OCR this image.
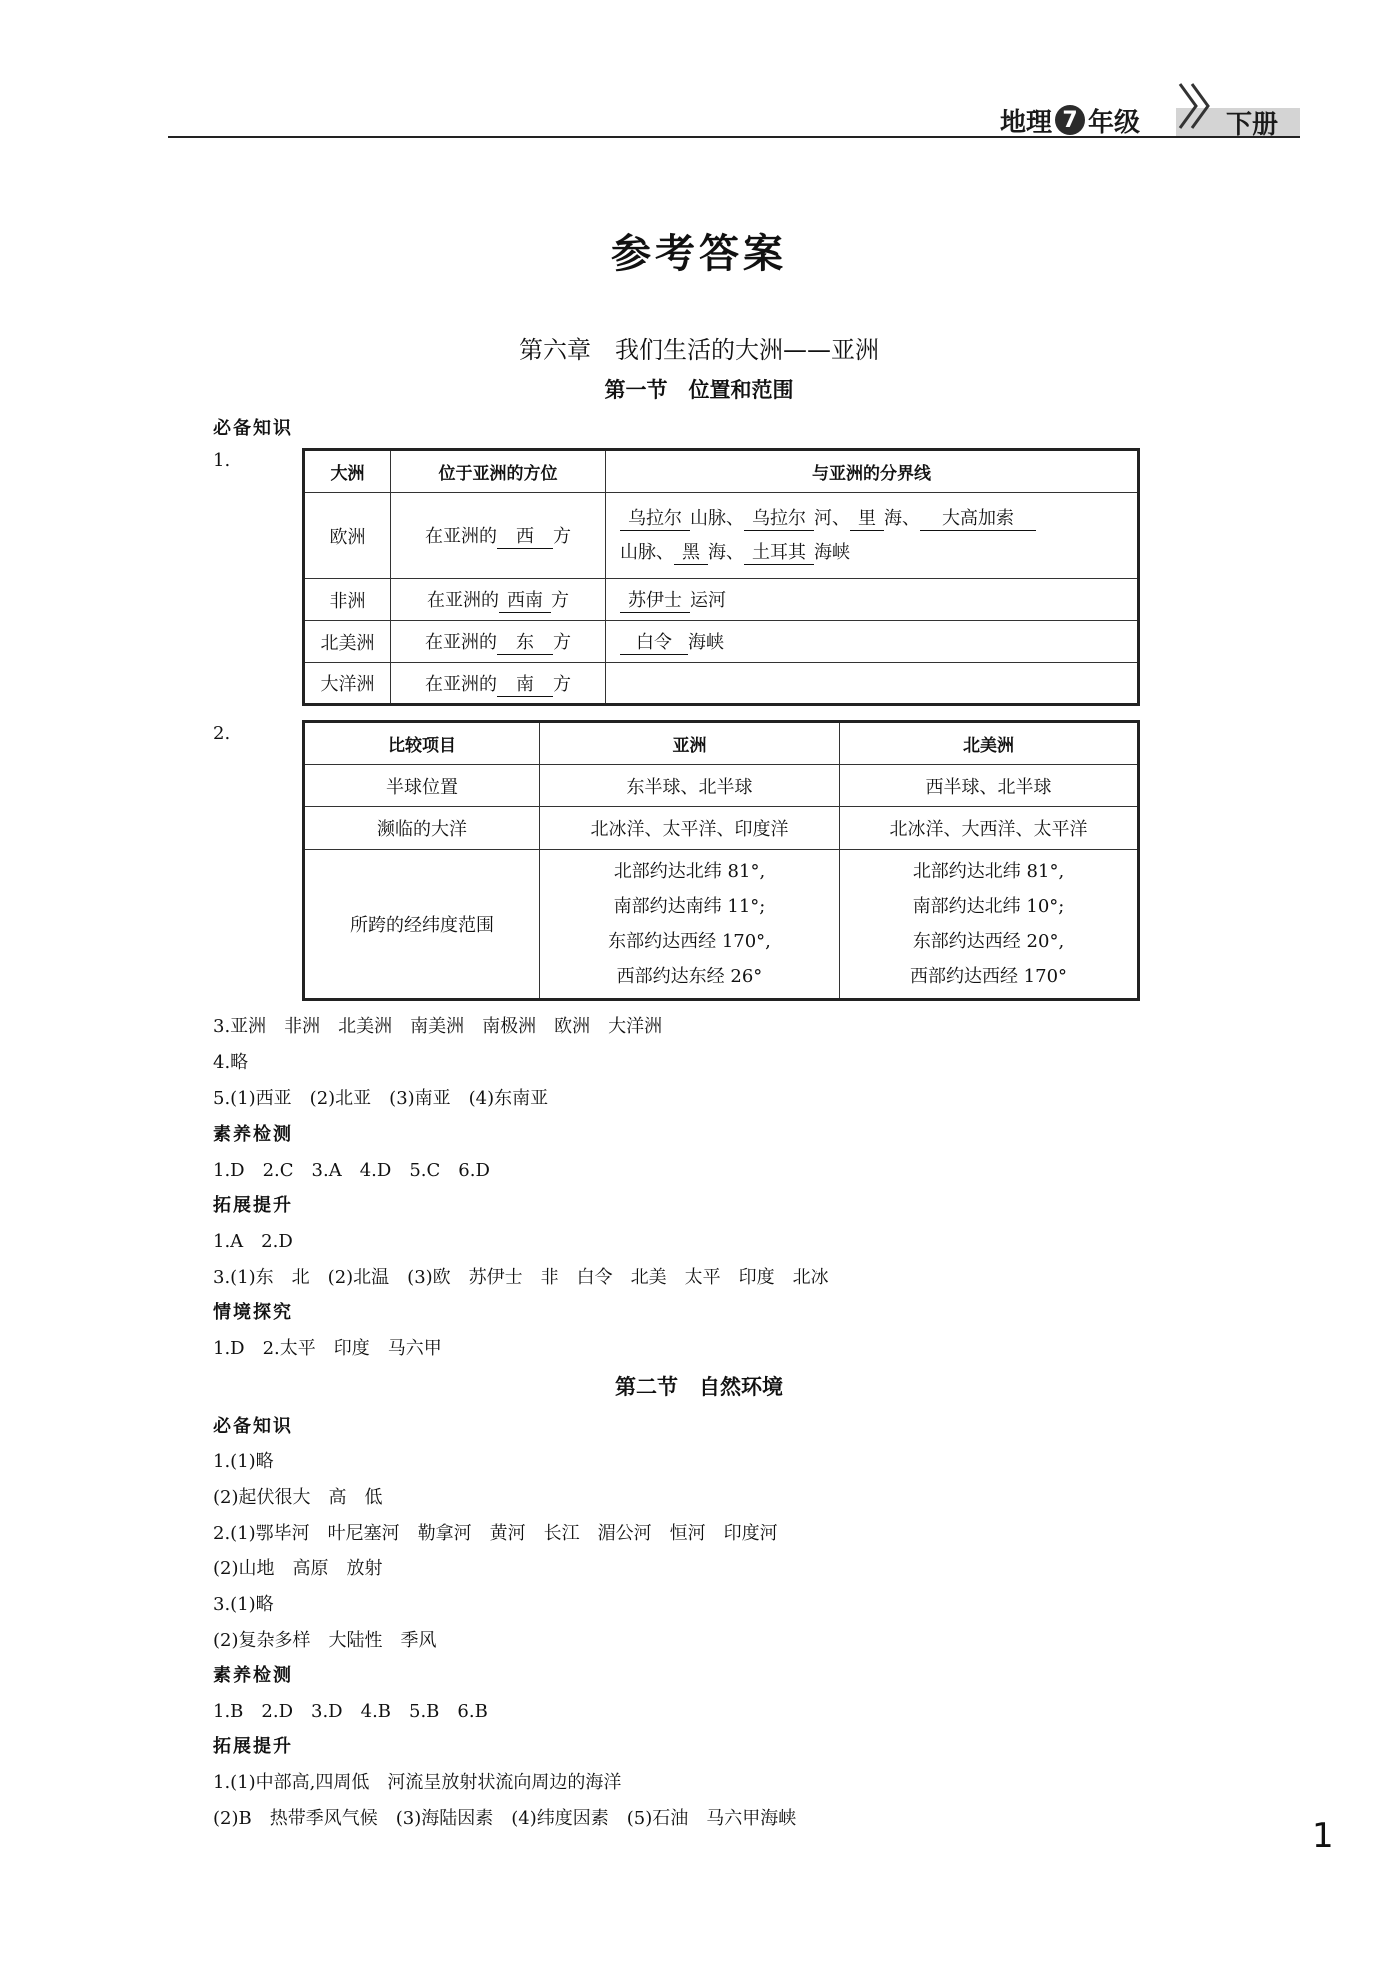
地理 7 年级	下册
参考答案
第六章　我们生活的大洲——亚洲
第一节　位置和范围
必备知识
1.
大洲	位于亚洲的方位	与亚洲的分界线
欧洲	在亚洲的 西 方	乌拉尔 山脉、 乌拉尔 河、 里 海、 大高加索
山脉、 黑 海、 土耳其 海峡
非洲	在亚洲的 西南 方	苏伊士 运河
北美洲	在亚洲的 东 方	白令 海峡
大洋洲	在亚洲的 南 方	
2.
比较项目	亚洲	北美洲
半球位置	东半球、北半球	西半球、北半球
濒临的大洋	北冰洋、太平洋、印度洋	北冰洋、大西洋、太平洋
所跨的经纬度范围	北部约达北纬 81°,
南部约达南纬 11°;
东部约达西经 170°,
西部约达东经 26°	北部约达北纬 81°,
南部约达北纬 10°;
东部约达西经 20°,
西部约达西经 170°
3.亚洲　非洲　北美洲　南美洲　南极洲　欧洲　大洋洲
4.略
5.(1)西亚　(2)北亚　(3)南亚　(4)东南亚
素养检测
1.D　2.C　3.A　4.D　5.C　6.D
拓展提升
1.A　2.D
3.(1)东　北　(2)北温　(3)欧　苏伊士　非　白令　北美　太平　印度　北冰
情境探究
1.D　2.太平　印度　马六甲
第二节　自然环境
必备知识
1.(1)略
(2)起伏很大　高　低
2.(1)鄂毕河　叶尼塞河　勒拿河　黄河　长江　湄公河　恒河　印度河
(2)山地　高原　放射
3.(1)略
(2)复杂多样　大陆性　季风
素养检测
1.B　2.D　3.D　4.B　5.B　6.B
拓展提升
1.(1)中部高,四周低　河流呈放射状流向周边的海洋
(2)B　热带季风气候　(3)海陆因素　(4)纬度因素　(5)石油　马六甲海峡	1
